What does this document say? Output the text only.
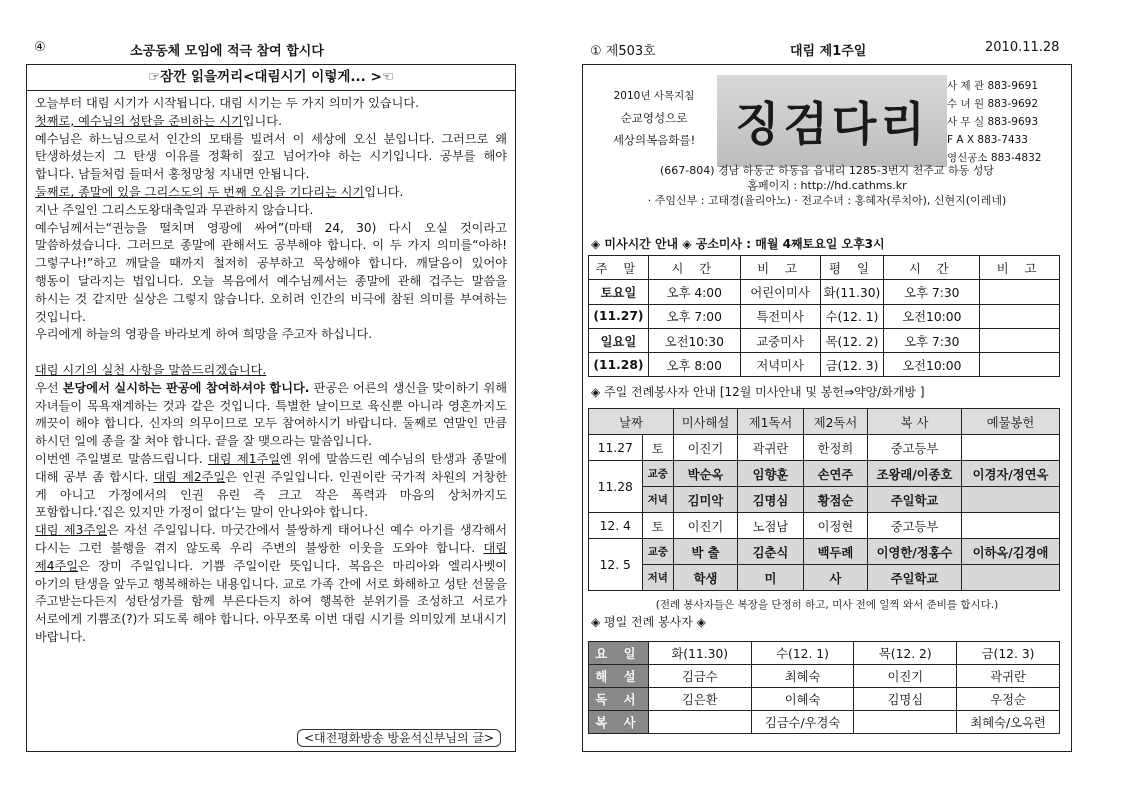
④	소공동체 모임에 적극 참여 합시다	① 제503호	대림 제1주일	2010.11.28
☞잠깐 읽을꺼리<대림시기 이렇게... >☜

오늘부터 대림 시기가 시작됩니다. 대림 시기는 두 가지 의미가 있습니다.

첫째로, 예수님의 성탄을 준비하는 시기입니다.

예수님은 하느님으로서 인간의 모태를 빌려서 이 세상에 오신 분입니다. 그러므로 왜 탄생하셨는지 그 탄생 이유를 정확히 짚고 넘어가야 하는 시기입니다. 공부를 해야 합니다. 남들처럼 들떠서 홍청망청 지내면 안됩니다.

둘째로, 종말에 있을 그리스도의 두 번째 오심을 기다리는 시기입니다.

지난 주일인 그리스도왕대축일과 무관하지 않습니다.

예수님께서는“권능을 떨치며 영광에 싸여”(마태 24, 30) 다시 오실 것이라고 말씀하셨습니다. 그러므로 종말에 관해서도 공부해야 합니다. 이 두 가지 의미를“아하! 그렇구나!”하고 깨달을 때까지 철저히 공부하고 묵상해야 합니다. 깨달음이 있어야 행동이 달라지는 법입니다. 오늘 복음에서 예수님께서는 종말에 관해 겁주는 말씀을 하시는 것 같지만 실상은 그렇지 않습니다. 오히려 인간의 비극에 참된 의미를 부여하는 것입니다.

우리에게 하늘의 영광을 바라보게 하여 희망을 주고자 하십니다.

대림 시기의 실천 사항을 말씀드리겠습니다.

우선 본당에서 실시하는 판공에 참여하셔야 합니다. 판공은 어른의 생신을 맞이하기 위해 자녀들이 목욕재계하는 것과 같은 것입니다. 특별한 날이므로 육신뿐 아니라 영혼까지도 깨끗이 해야 합니다. 신자의 의무이므로 모두 참여하시기 바랍니다. 둘째로 연말인 만큼 하시던 일에 종을 잘 쳐야 합니다. 끝을 잘 맺으라는 말씀입니다.

이번엔 주일별로 말씀드립니다. 대림 제1주일엔 위에 말씀드린 예수님의 탄생과 종말에 대해 공부 좀 합시다. 대림 제2주일은 인권 주일입니다. 인권이란 국가적 차원의 거창한 게 아니고 가정에서의 인권 유린 즉 크고 작은 폭력과 마음의 상처까지도 포함합니다.‘집은 있지만 가정이 없다’는 말이 안나와야 합니다.

대림 제3주일은 자선 주일입니다. 마굿간에서 불쌍하게 태어나신 예수 아기를 생각해서 다시는 그런 불행을 겪지 않도록 우리 주변의 불쌍한 이웃을 도와야 합니다. 대림 제4주일은 장미 주일입니다. 기쁨 주일이란 뜻입니다. 복음은 마리아와 엘리사벳이 아기의 탄생을 앞두고 행복해하는 내용입니다. 교로 가족 간에 서로 화해하고 성탄 선물을 주고받는다든지 성탄성가를 함께 부른다든지 하여 행복한 분위기를 조성하고 서로가 서로에게 기쁨조(?)가 되도록 해야 합니다. 아무쪼록 이번 대림 시기를 의미있게 보내시기 바랍니다.

<대전평화방송 방윤석신부님의 글>
2010년 사목지침
순교영성으로
세상의복음화를! 징검다리
사 제 관 883-9691
수 녀 원 883-9692
사 무 실 883-9693
F A X 883-7433
영신공소 883-4832
(667-804) 경남 하동군 하동읍 읍내리 1285-3번지 천주교 하동 성당
홈페이지 : http://hd.cathms.kr
· 주임신부 : 고태경(율리아노) · 전교수녀 : 홍혜자(루치아), 신현지(이레네)
◈ 미사시간 안내 ◈ 공소미사 : 매월 4째토요일 오후3시
◈ 주일 전례봉사자 안내 [12월 미사안내 및 봉헌⇒약양/화개방 ]
(전례 봉사자들은 복장을 단정히 하고, 미사 전에 일찍 와서 준비를 합시다.)
◈ 평일 전례 봉사자 ◈
주 말	시 간	비 고	평 일	시 간	비 고
토요일	오후 4:00	어린이미사	화(11.30)	오후 7:30	
(11.27)	오후 7:00	특전미사	수(12. 1)	오전10:00	
일요일	오전10:30	교중미사	목(12. 2)	오후 7:30	
(11.28)	오후 8:00	저녁미사	금(12. 3)	오전10:00	
날짜		미사해설	제1독서	제2독서	복 사	예물봉헌
11.27	토	이진기	곽귀란	한정희	중고등부	
11.28	교중	박순옥	임향훈	손연주	조왕래/이종호	이경자/정연옥
	저녁	김미악	김명심	황점순	주일학교	
12. 4	토	이진기	노점남	이정현	중고등부	
12. 5	교중	박 출	김춘식	백두례	이영한/정홍수	이하옥/김경애
	저녁	학생	미	사	주일학교	
요 일	화(11.30)	수(12. 1)	목(12. 2)	금(12. 3)
해 설	김금수	최혜숙	이진기	곽귀란
독 서	김은환	이혜숙	김명심	우정순
복 사		김금수/우경숙		최혜숙/오옥련
